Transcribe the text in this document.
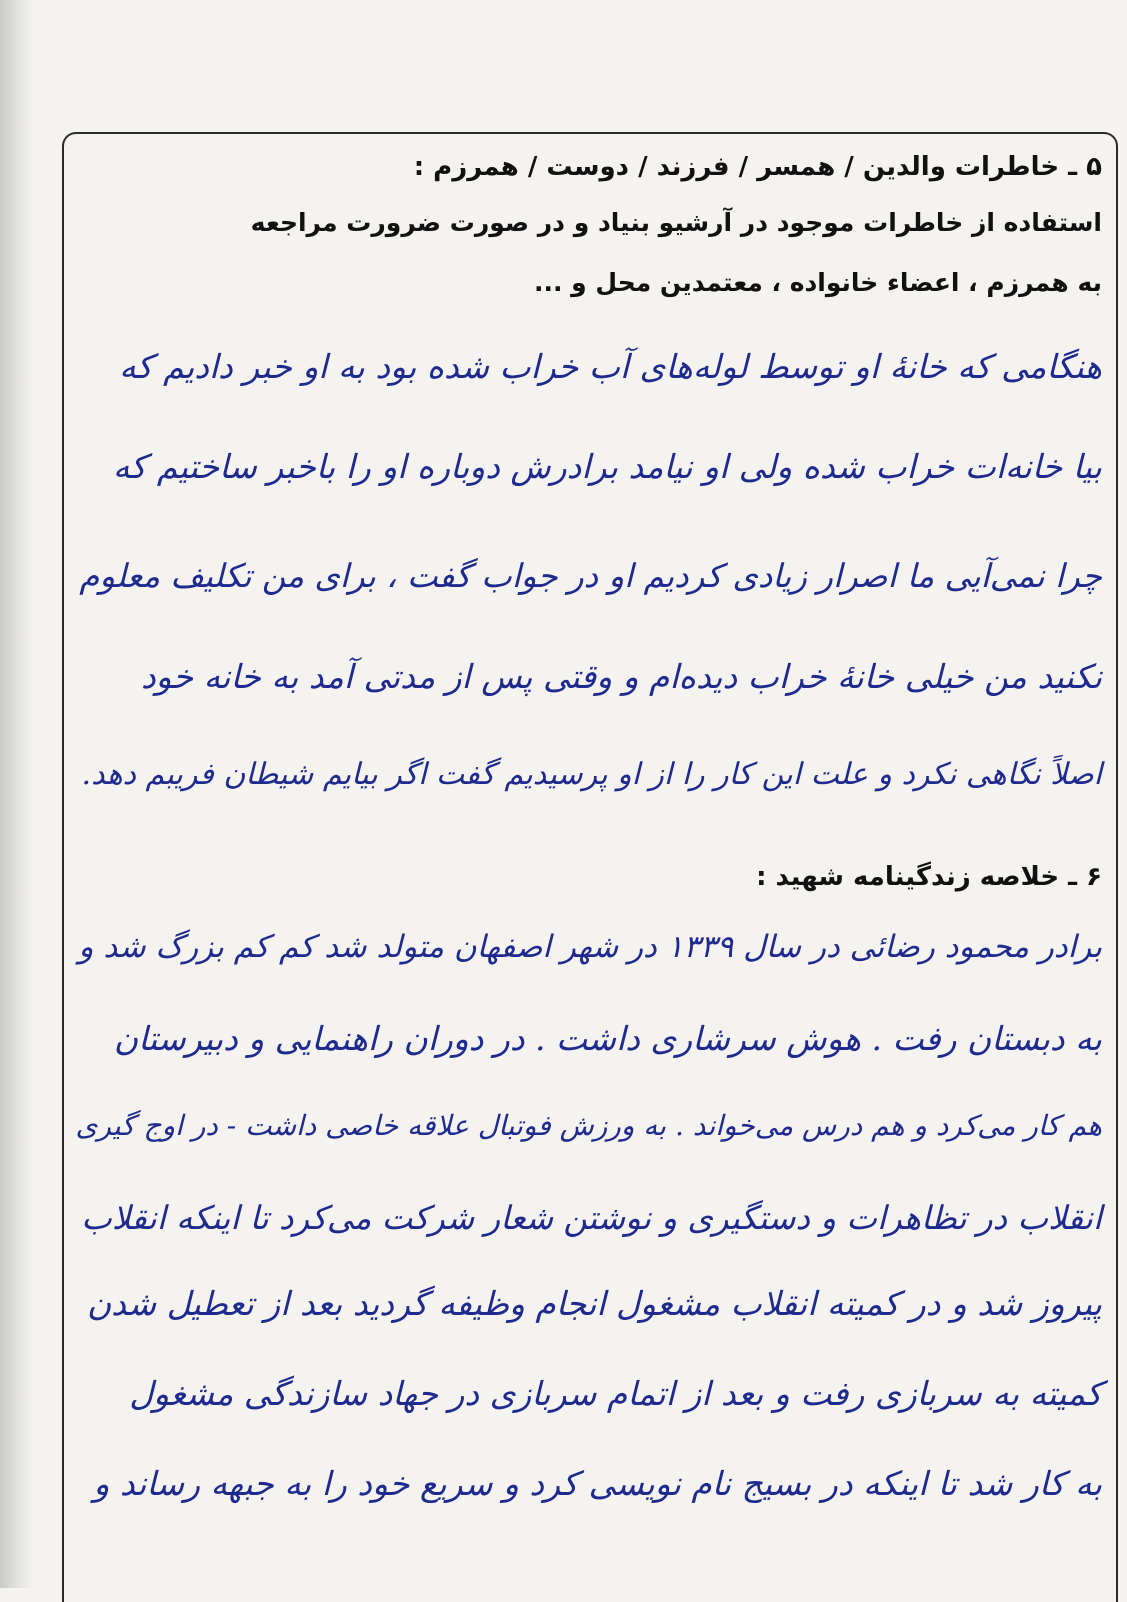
۵ ـ خاطرات والدین / همسر / فرزند / دوست / همرزم :
استفاده از خاطرات موجود در آرشیو بنیاد و در صورت ضرورت مراجعه
به همرزم ، اعضاء خانواده ، معتمدین محل و ...
هنگامی که خانهٔ او توسط لوله‌های آب خراب شده بود به او خبر دادیم که
بیا خانه‌ات خراب شده ولی او نیامد برادرش دوباره او را باخبر ساختیم که
چرا نمی‌آیی ما اصرار زیادی کردیم او در جواب گفت ، برای من تکلیف معلوم
نکنید من خیلی خانهٔ خراب دیده‌ام و وقتی پس از مدتی آمد به خانه خود
اصلاً نگاهی نکرد و علت این کار را از او پرسیدیم گفت اگر بیایم شیطان فریبم دهد.
۶ ـ خلاصه زندگینامه شهید :
برادر محمود رضائی در سال ۱۳۳۹ در شهر اصفهان متولد شد کم کم بزرگ شد و
به دبستان رفت . هوش سرشاری داشت . در دوران راهنمایی و دبیرستان
هم کار می‌کرد و هم درس می‌خواند . به ورزش فوتبال علاقه خاصی داشت - در اوج گیری
انقلاب در تظاهرات و دستگیری و نوشتن شعار شرکت می‌کرد تا اینکه انقلاب
پیروز شد و در کمیته انقلاب مشغول انجام وظیفه گردید بعد از تعطیل شدن
کمیته به سربازی رفت و بعد از اتمام سربازی در جهاد سازندگی مشغول
به کار شد تا اینکه در بسیج نام نویسی کرد و سریع خود را به جبهه رساند و
